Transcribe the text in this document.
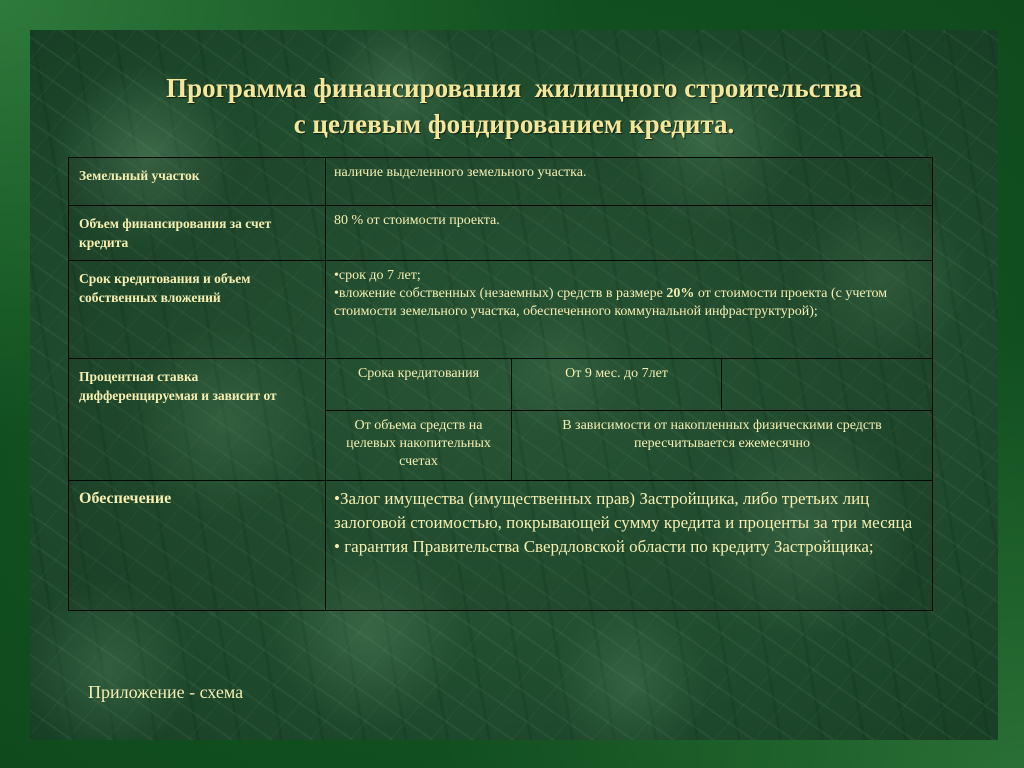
Программа финансирования  жилищного строительства
с целевым фондированием кредита.
Земельный участок	наличие выделенного земельного участка.		
Объем финансирования за счет кредита	80 % от стоимости проекта.		
Срок кредитования и объем собственных вложений	•срок до 7 лет;
•вложение собственных (незаемных) средств в размере 20% от стоимости проекта (с учетом стоимости земельного участка, обеспеченного коммунальной инфраструктурой);		

Процентная ставка дифференцируемая и зависит от	Срока кредитования	От 9 мес. до 7лет	
	От объема средств на целевых накопительных счетах	В зависимости от накопленных физическими средств пересчитывается ежемесячно	
Обеспечение	•Залог имущества (имущественных прав) Застройщика, либо третьих лиц залоговой стоимостью, покрывающей сумму кредита и проценты за три месяца
• гарантия Правительства Свердловской области по кредиту Застройщика;		
Приложение - схема
